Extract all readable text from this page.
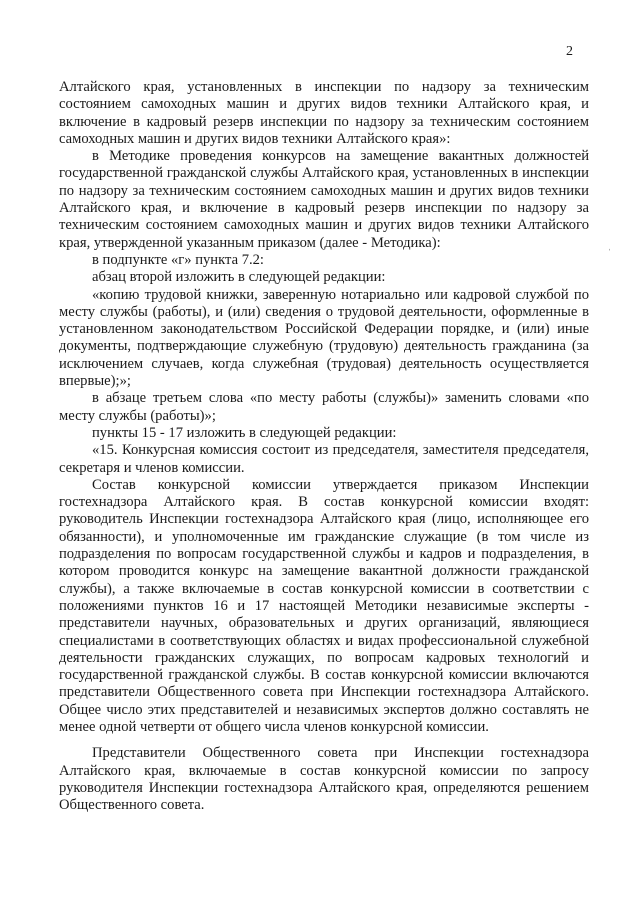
2
ˌ

Алтайского края, установленных в инспекции по надзору за техническим состоянием самоходных машин и других видов техники Алтайского края, и включение в кадровый резерв инспекции по надзору за техническим состоянием самоходных машин и других видов техники Алтайского края»:

в Методике проведения конкурсов на замещение вакантных должностей государственной гражданской службы Алтайского края, установленных в инспекции по надзору за техническим состоянием самоходных машин и других видов техники Алтайского края, и включение в кадровый резерв инспекции по надзору за техническим состоянием самоходных машин и других видов техники Алтайского края, утвержденной указанным приказом (далее - Методика):

в подпункте «г» пункта 7.2:

абзац второй изложить в следующей редакции:

«копию трудовой книжки, заверенную нотариально или кадровой службой по месту службы (работы), и (или) сведения о трудовой деятельности, оформленные в установленном законодательством Российской Федерации порядке, и (или) иные документы, подтверждающие служебную (трудовую) деятельность гражданина (за исключением случаев, когда служебная (трудовая) деятельность осуществляется впервые);»;

в абзаце третьем слова «по месту работы (службы)» заменить словами «по месту службы (работы)»;

пункты 15 - 17 изложить в следующей редакции:

«15. Конкурсная комиссия состоит из председателя, заместителя председателя, секретаря и членов комиссии.

Состав конкурсной комиссии утверждается приказом Инспекции гостехнадзора Алтайского края. В состав конкурсной комиссии входят: руководитель Инспекции гостехнадзора Алтайского края (лицо, исполняющее его обязанности), и уполномоченные им гражданские служащие (в том числе из подразделения по вопросам государственной службы и кадров и подразделения, в котором проводится конкурс на замещение вакантной должности гражданской службы), а также включаемые в состав конкурсной комиссии в соответствии с положениями пунктов 16 и 17 настоящей Методики независимые эксперты - представители научных, образовательных и других организаций, являющиеся специалистами в соответствующих областях и видах профессиональной служебной деятельности гражданских служащих, по вопросам кадровых технологий и государственной гражданской службы. В состав конкурсной комиссии включаются представители Общественного совета при Инспекции гостехнадзора Алтайского. Общее число этих представителей и независимых экспертов должно составлять не менее одной четверти от общего числа членов конкурсной комиссии.

Представители Общественного совета при Инспекции гостехнадзора Алтайского края, включаемые в состав конкурсной комиссии по запросу руководителя Инспекции гостехнадзора Алтайского края, определяются решением Общественного совета.
